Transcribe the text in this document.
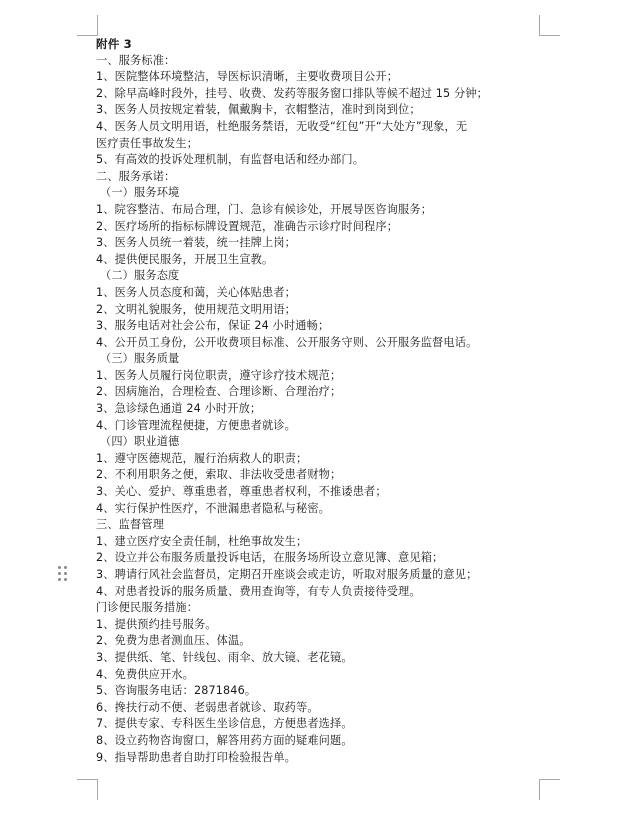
附件 3
一、服务标准：
1、医院整体环境整洁，导医标识清晰，主要收费项目公开；
2、除早高峰时段外，挂号、收费、发药等服务窗口排队等候不超过 15 分钟；
3、医务人员按规定着装，佩戴胸卡，衣帽整洁，准时到岗到位；
4、医务人员文明用语，杜绝服务禁语，无收受“红包”开“大处方”现象，无
医疗责任事故发生；
5、有高效的投诉处理机制，有监督电话和经办部门。
二、服务承诺：
（一）服务环境
1、院容整洁、布局合理，门、急诊有候诊处，开展导医咨询服务；
2、医疗场所的指标标牌设置规范，准确告示诊疗时间程序；
3、医务人员统一着装，统一挂牌上岗；
4、提供便民服务，开展卫生宣教。
（二）服务态度
1、医务人员态度和蔼，关心体贴患者；
2、文明礼貌服务，使用规范文明用语；
3、服务电话对社会公布，保证 24 小时通畅；
4、公开员工身份，公开收费项目标准、公开服务守则、公开服务监督电话。
（三）服务质量
1、医务人员履行岗位职责，遵守诊疗技术规范；
2、因病施治，合理检查、合理诊断、合理治疗；
3、急诊绿色通道 24 小时开放；
4、门诊管理流程便捷，方便患者就诊。
（四）职业道德
1、遵守医德规范，履行治病救人的职责；
2、不利用职务之便，索取、非法收受患者财物；
3、关心、爱护、尊重患者，尊重患者权利，不推诿患者；
4、实行保护性医疗，不泄漏患者隐私与秘密。
三、监督管理
1、建立医疗安全责任制，杜绝事故发生；
2、设立并公布服务质量投诉电话，在服务场所设立意见簿、意见箱；
3、聘请行风社会监督员，定期召开座谈会或走访，听取对服务质量的意见；
4、对患者投诉的服务质量、费用查询等，有专人负责接待受理。
门诊便民服务措施：
1、提供预约挂号服务。
2、免费为患者测血压、体温。
3、提供纸、笔、针线包、雨伞、放大镜、老花镜。
4、免费供应开水。
5、咨询服务电话：2871846。
6、搀扶行动不便、老弱患者就诊、取药等。
7、提供专家、专科医生坐诊信息，方便患者选择。
8、设立药物咨询窗口，解答用药方面的疑难问题。
9、指导帮助患者自助打印检验报告单。
